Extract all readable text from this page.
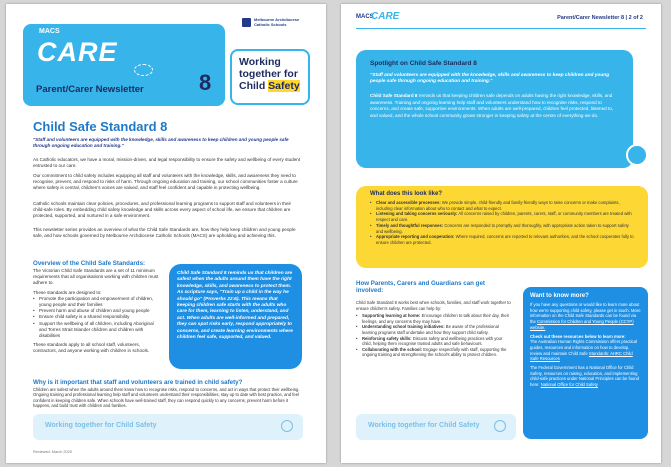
MACS
CARE
Parent/Carer Newsletter	8
Melbourne Archdiocese
Catholic Schools
Working
together for
Child Safety
Child Safe Standard 8
"Staff and volunteers are equipped with the knowledge, skills and awareness to keep children and young people safe through ongoing education and training."
As Catholic educators, we have a moral, mission-driven, and legal responsibility to ensure the safety and wellbeing of every student entrusted to our care.
Our commitment to child safety includes equipping all staff and volunteers with the knowledge, skills, and awareness they need to recognise, prevent, and respond to risks of harm. Through ongoing education and training, our school communities foster a culture where safety is central, children's voices are valued, and staff feel confident and capable in protecting wellbeing.
Catholic schools maintain clear policies, procedures, and professional learning programs to support staff and volunteers in their child-safe roles. By embedding child safety knowledge and skills across every aspect of school life, we ensure that children are protected, supported, and nurtured in a safe environment.
This newsletter series provides an overview of what the Child Safe Standards are, how they help keep children and young people safe, and how schools governed by Melbourne Archdiocese Catholic Schools (MACS) are upholding and achieving this.
Overview of the Child Safe Standards:
The Victorian Child Safe Standards are a set of 11 minimum requirements that all organisations working with children must adhere to.
These standards are designed to:
• Promote the participation and empowerment of children, young people and their families
• Prevent harm and abuse of children and young people
• Ensure child safety is a shared responsibility
• Support the wellbeing of all children, including Aboriginal and Torres Strait Islander children and children with disabilities
These standards apply to all school staff, volunteers, contractors, and anyone working with children in schools.
Child Safe Standard 8 reminds us that children are safest when the adults around them have the right knowledge, skills, and awareness to protect them. As scripture says, "Train up a child in the way he should go" (Proverbs 22:6). This means that keeping children safe starts with the adults who care for them, learning to listen, understand, and act. When adults are well-informed and prepared, they can spot risks early, respond appropriately to concerns, and create learning environments where children feel safe, supported, and valued.
Why is it important that staff and volunteers are trained in child safety?
Children are safest when the adults around them know how to recognise risks, respond to concerns, and act in ways that protect their wellbeing. Ongoing training and professional learning help staff and volunteers understand their responsibilities, stay up to date with best practice, and feel confident in keeping children safe. When schools have well-trained staff, they can respond quickly to any concerns, prevent harm before it happens, and build trust with children and families.
Working together for Child Safety
Reviewed: March 2025
MACS
CARE	Parent/Carer Newsletter 8 | 2 of 2
Spotlight on Child Safe Standard 8
"Staff and volunteers are equipped with the knowledge, skills and awareness to keep children and young people safe through ongoing education and training."
Child Safe Standard 8 reminds us that keeping children safe depends on adults having the right knowledge, skills, and awareness. Training and ongoing learning help staff and volunteers understand how to recognise risks, respond to concerns, and create safe, supportive environments. When adults are well-prepared, children feel protected, listened to, and valued, and the whole school community grows stronger in keeping safety at the centre of everything we do.
What does this look like?
• Clear and accessible processes: We provide simple, child-friendly and family-friendly ways to raise concerns or make complaints, including clear information about who to contact and what to expect.
• Listening and taking concerns seriously: All concerns raised by children, parents, carers, staff, or community members are treated with respect and care.
• Timely and thoughtful responses: Concerns are responded to promptly and thoroughly, with appropriate action taken to support safety and wellbeing.
• Appropriate reporting and cooperation: Where required, concerns are reported to relevant authorities, and the school cooperates fully to ensure children are protected.
How Parents, Carers and Guardians can get involved:
Child Safe Standard 8 works best when schools, families, and staff work together to ensure children's safety. Families can help by:
• Supporting learning at home: Encourage children to talk about their day, their feelings, and any concerns they may have.
• Understanding school training initiatives: Be aware of the professional learning programs staff undertake and how they support child safety.
• Reinforcing safety skills: Discuss safety and wellbeing practices with your child, helping them recognise trusted adults and safe behaviours.
• Collaborating with the school: Engage respectfully with staff, supporting the ongoing training and strengthening the school's ability to protect children.
Want to know more?
If you have any questions or would like to learn more about how we're supporting child safety, please get in touch. More information on the Child Safe Standards can be found via the Commission for Children and Young People (CCYP) website.
Check out these resources below to learn more:
The Australian Human Rights Commission offers practical guides, resources and information on how to develop, review and maintain Child Safe Standards: AHRC Child Safe Resources
The Federal Government has a National Office for Child Safety, resources on raising, education, and implementing child-safe practices under National Principles can be found here: National Office for Child Safety
Working together for Child Safety
